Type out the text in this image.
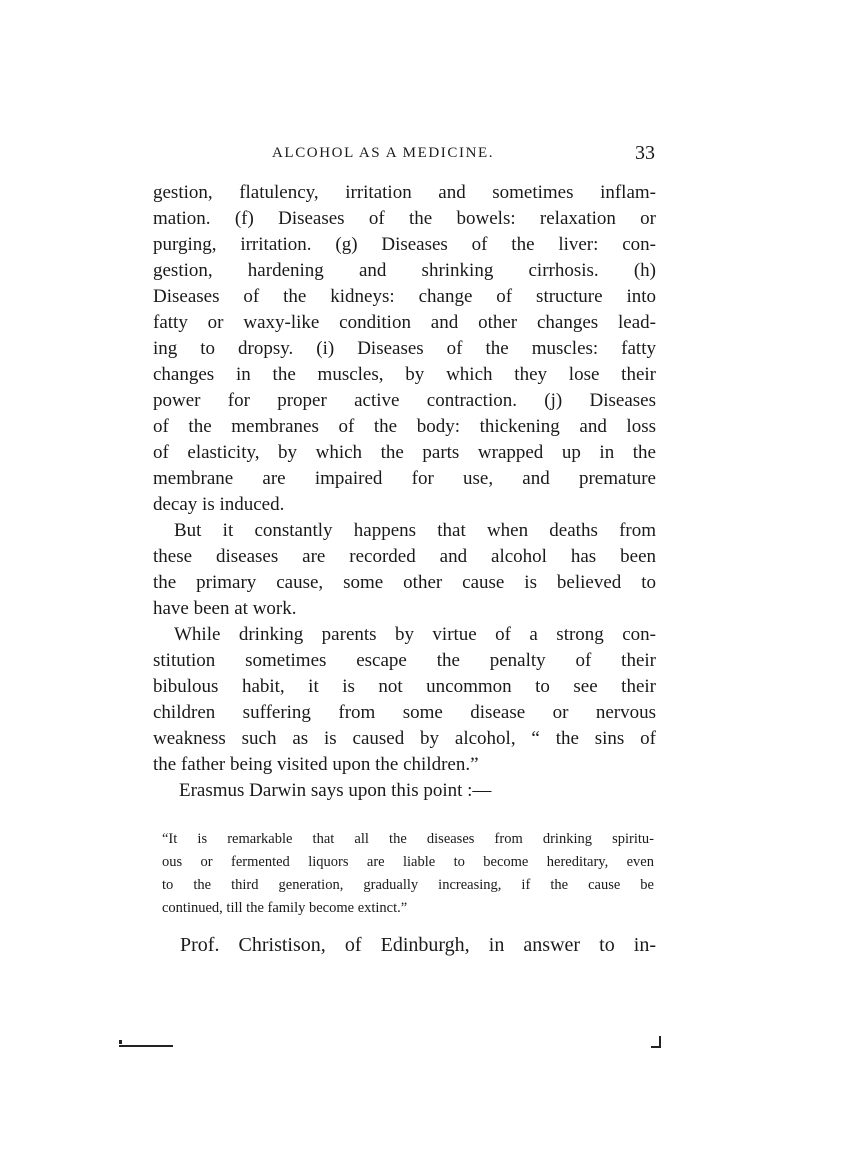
ALCOHOL AS A MEDICINE.	33
gestion, flatulency, irritation and sometimes inflam-
mation. (f) Diseases of the bowels: relaxation or
purging, irritation. (g) Diseases of the liver: con-
gestion, hardening and shrinking cirrhosis. (h)
Diseases of the kidneys: change of structure into
fatty or waxy-like condition and other changes lead-
ing to dropsy. (i) Diseases of the muscles: fatty
changes in the muscles, by which they lose their
power for proper active contraction. (j) Diseases
of the membranes of the body: thickening and loss
of elasticity, by which the parts wrapped up in the
membrane are impaired for use, and premature
decay is induced.
But it constantly happens that when deaths from
these diseases are recorded and alcohol has been
the primary cause, some other cause is believed to
have been at work.
While drinking parents by virtue of a strong con-
stitution sometimes escape the penalty of their
bibulous habit, it is not uncommon to see their
children suffering from some disease or nervous
weakness such as is caused by alcohol, “ the sins of
the father being visited upon the children.”
Erasmus Darwin says upon this point :—
“It is remarkable that all the diseases from drinking spiritu-
ous or fermented liquors are liable to become hereditary, even
to the third generation, gradually increasing, if the cause be
continued, till the family become extinct.”
Prof. Christison, of Edinburgh, in answer to in-
